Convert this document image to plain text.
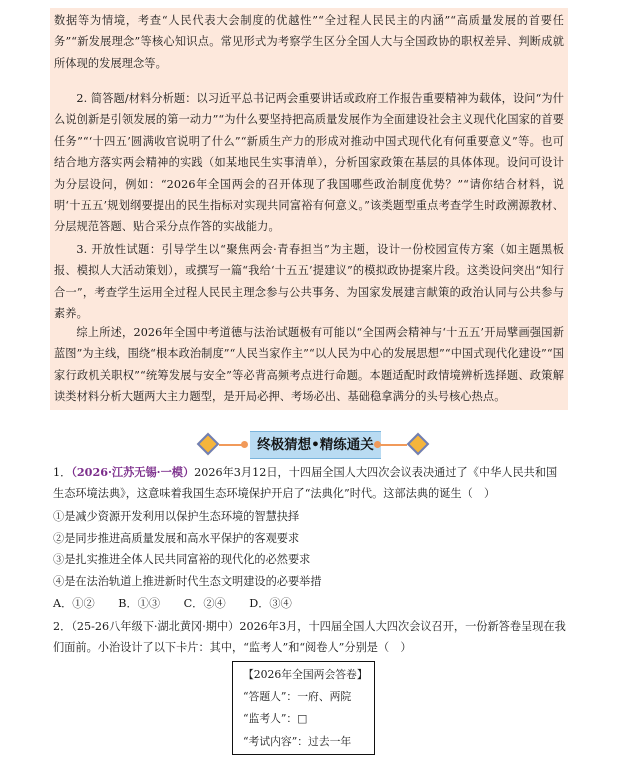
数据等为情境，考查“人民代表大会制度的优越性”“全过程人民民主的内涵”“高质量发展的首要任务”“新发展理念”等核心知识点。常见形式为考察学生区分全国人大与全国政协的职权差异、判断成就所体现的发展理念等。
2. 简答题/材料分析题：以习近平总书记两会重要讲话或政府工作报告重要精神为载体，设问“为什么说创新是引领发展的第一动力”“为什么要坚持把高质量发展作为全面建设社会主义现代化国家的首要任务”“‘十四五’圆满收官说明了什么”“新质生产力的形成对推动中国式现代化有何重要意义”等。也可结合地方落实两会精神的实践（如某地民生实事清单），分析国家政策在基层的具体体现。设问可设计为分层设问，例如：“2026年全国两会的召开体现了我国哪些政治制度优势？”“请你结合材料，说明‘十五五’规划纲要提出的民生指标对实现共同富裕有何意义。”该类题型重点考查学生时政溯源教材、分层规范答题、贴合采分点作答的实战能力。
3. 开放性试题：引导学生以“聚焦两会·青春担当”为主题，设计一份校园宣传方案（如主题黑板报、模拟人大活动策划），或撰写一篇“我给‘十五五’提建议”的模拟政协提案片段。这类设问突出“知行合一”，考查学生运用全过程人民民主理念参与公共事务、为国家发展建言献策的政治认同与公共参与素养。
综上所述，2026年全国中考道德与法治试题极有可能以“全国两会精神与‘十五五’开局擘画强国新蓝图”为主线，围绕“根本政治制度”“人民当家作主”“以人民为中心的发展思想”“中国式现代化建设”“国家行政机关职权”“统筹发展与安全”等必背高频考点进行命题。本题适配时政情境辨析选择题、政策解读类材料分析大题两大主力题型，是开局必押、考场必出、基础稳拿满分的头号核心热点。
终极猜想•精练通关
1．（2026·江苏无锡·一模）2026年3月12日，十四届全国人大四次会议表决通过了《中华人民共和国生态环境法典》，这意味着我国生态环境保护开启了“法典化”时代。这部法典的诞生（　）
①是减少资源开发利用以保护生态环境的智慧抉择
②是同步推进高质量发展和高水平保护的客观要求
③是扎实推进全体人民共同富裕的现代化的必然要求
④是在法治轨道上推进新时代生态文明建设的必要举措
A．①② B．①③ C．②④ D．③④
2．（25-26八年级下·湖北黄冈·期中）2026年3月，十四届全国人大四次会议召开，一份新答卷呈现在我们面前。小治设计了以下卡片：其中，“监考人”和“阅卷人”分别是（　）
【2026年全国两会答卷】
“答题人”：一府、两院
“监考人”：□
“考试内容”：过去一年
